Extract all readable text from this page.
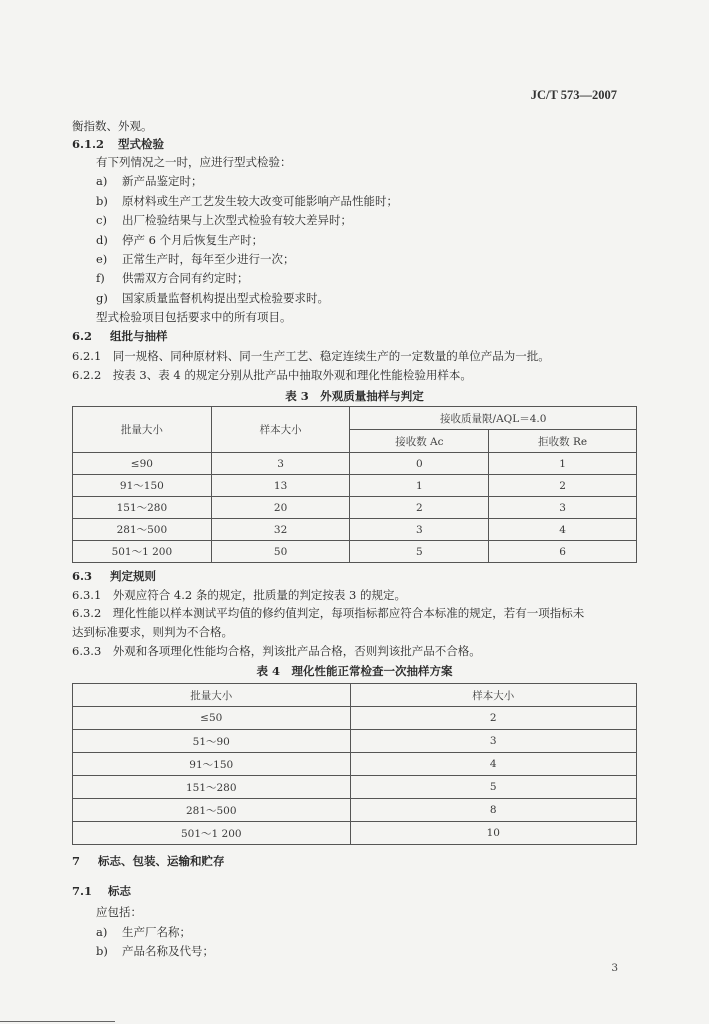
JC/T 573—2007
衡指数、外观。
6.1.2 型式检验
有下列情况之一时，应进行型式检验：
a) 新产品鉴定时；
b) 原材料或生产工艺发生较大改变可能影响产品性能时；
c) 出厂检验结果与上次型式检验有较大差异时；
d) 停产 6 个月后恢复生产时；
e) 正常生产时，每年至少进行一次；
f) 供需双方合同有约定时；
g) 国家质量监督机构提出型式检验要求时。
型式检验项目包括要求中的所有项目。
6.2 组批与抽样
6.2.1　同一规格、同种原材料、同一生产工艺、稳定连续生产的一定数量的单位产品为一批。
6.2.2　按表 3、表 4 的规定分别从批产品中抽取外观和理化性能检验用样本。
表 3　外观质量抽样与判定
批量大小	样本大小	接收质量限/AQL＝4.0	
		接收数 Ac	拒收数 Re
≤90	3	0	1
91～150	13	1	2
151～280	20	2	3
281～500	32	3	4
501～1 200	50	5	6
6.3 判定规则
6.3.1　外观应符合 4.2 条的规定，批质量的判定按表 3 的规定。
6.3.2　理化性能以样本测试平均值的修约值判定，每项指标都应符合本标准的规定，若有一项指标未
达到标准要求，则判为不合格。
6.3.3　外观和各项理化性能均合格，判该批产品合格，否则判该批产品不合格。
表 4　理化性能正常检查一次抽样方案
批量大小	样本大小
≤50	2
51～90	3
91～150	4
151～280	5
281～500	8
501～1 200	10
7 标志、包装、运输和贮存
7.1 标志
应包括：
a) 生产厂名称；
b) 产品名称及代号；
3
